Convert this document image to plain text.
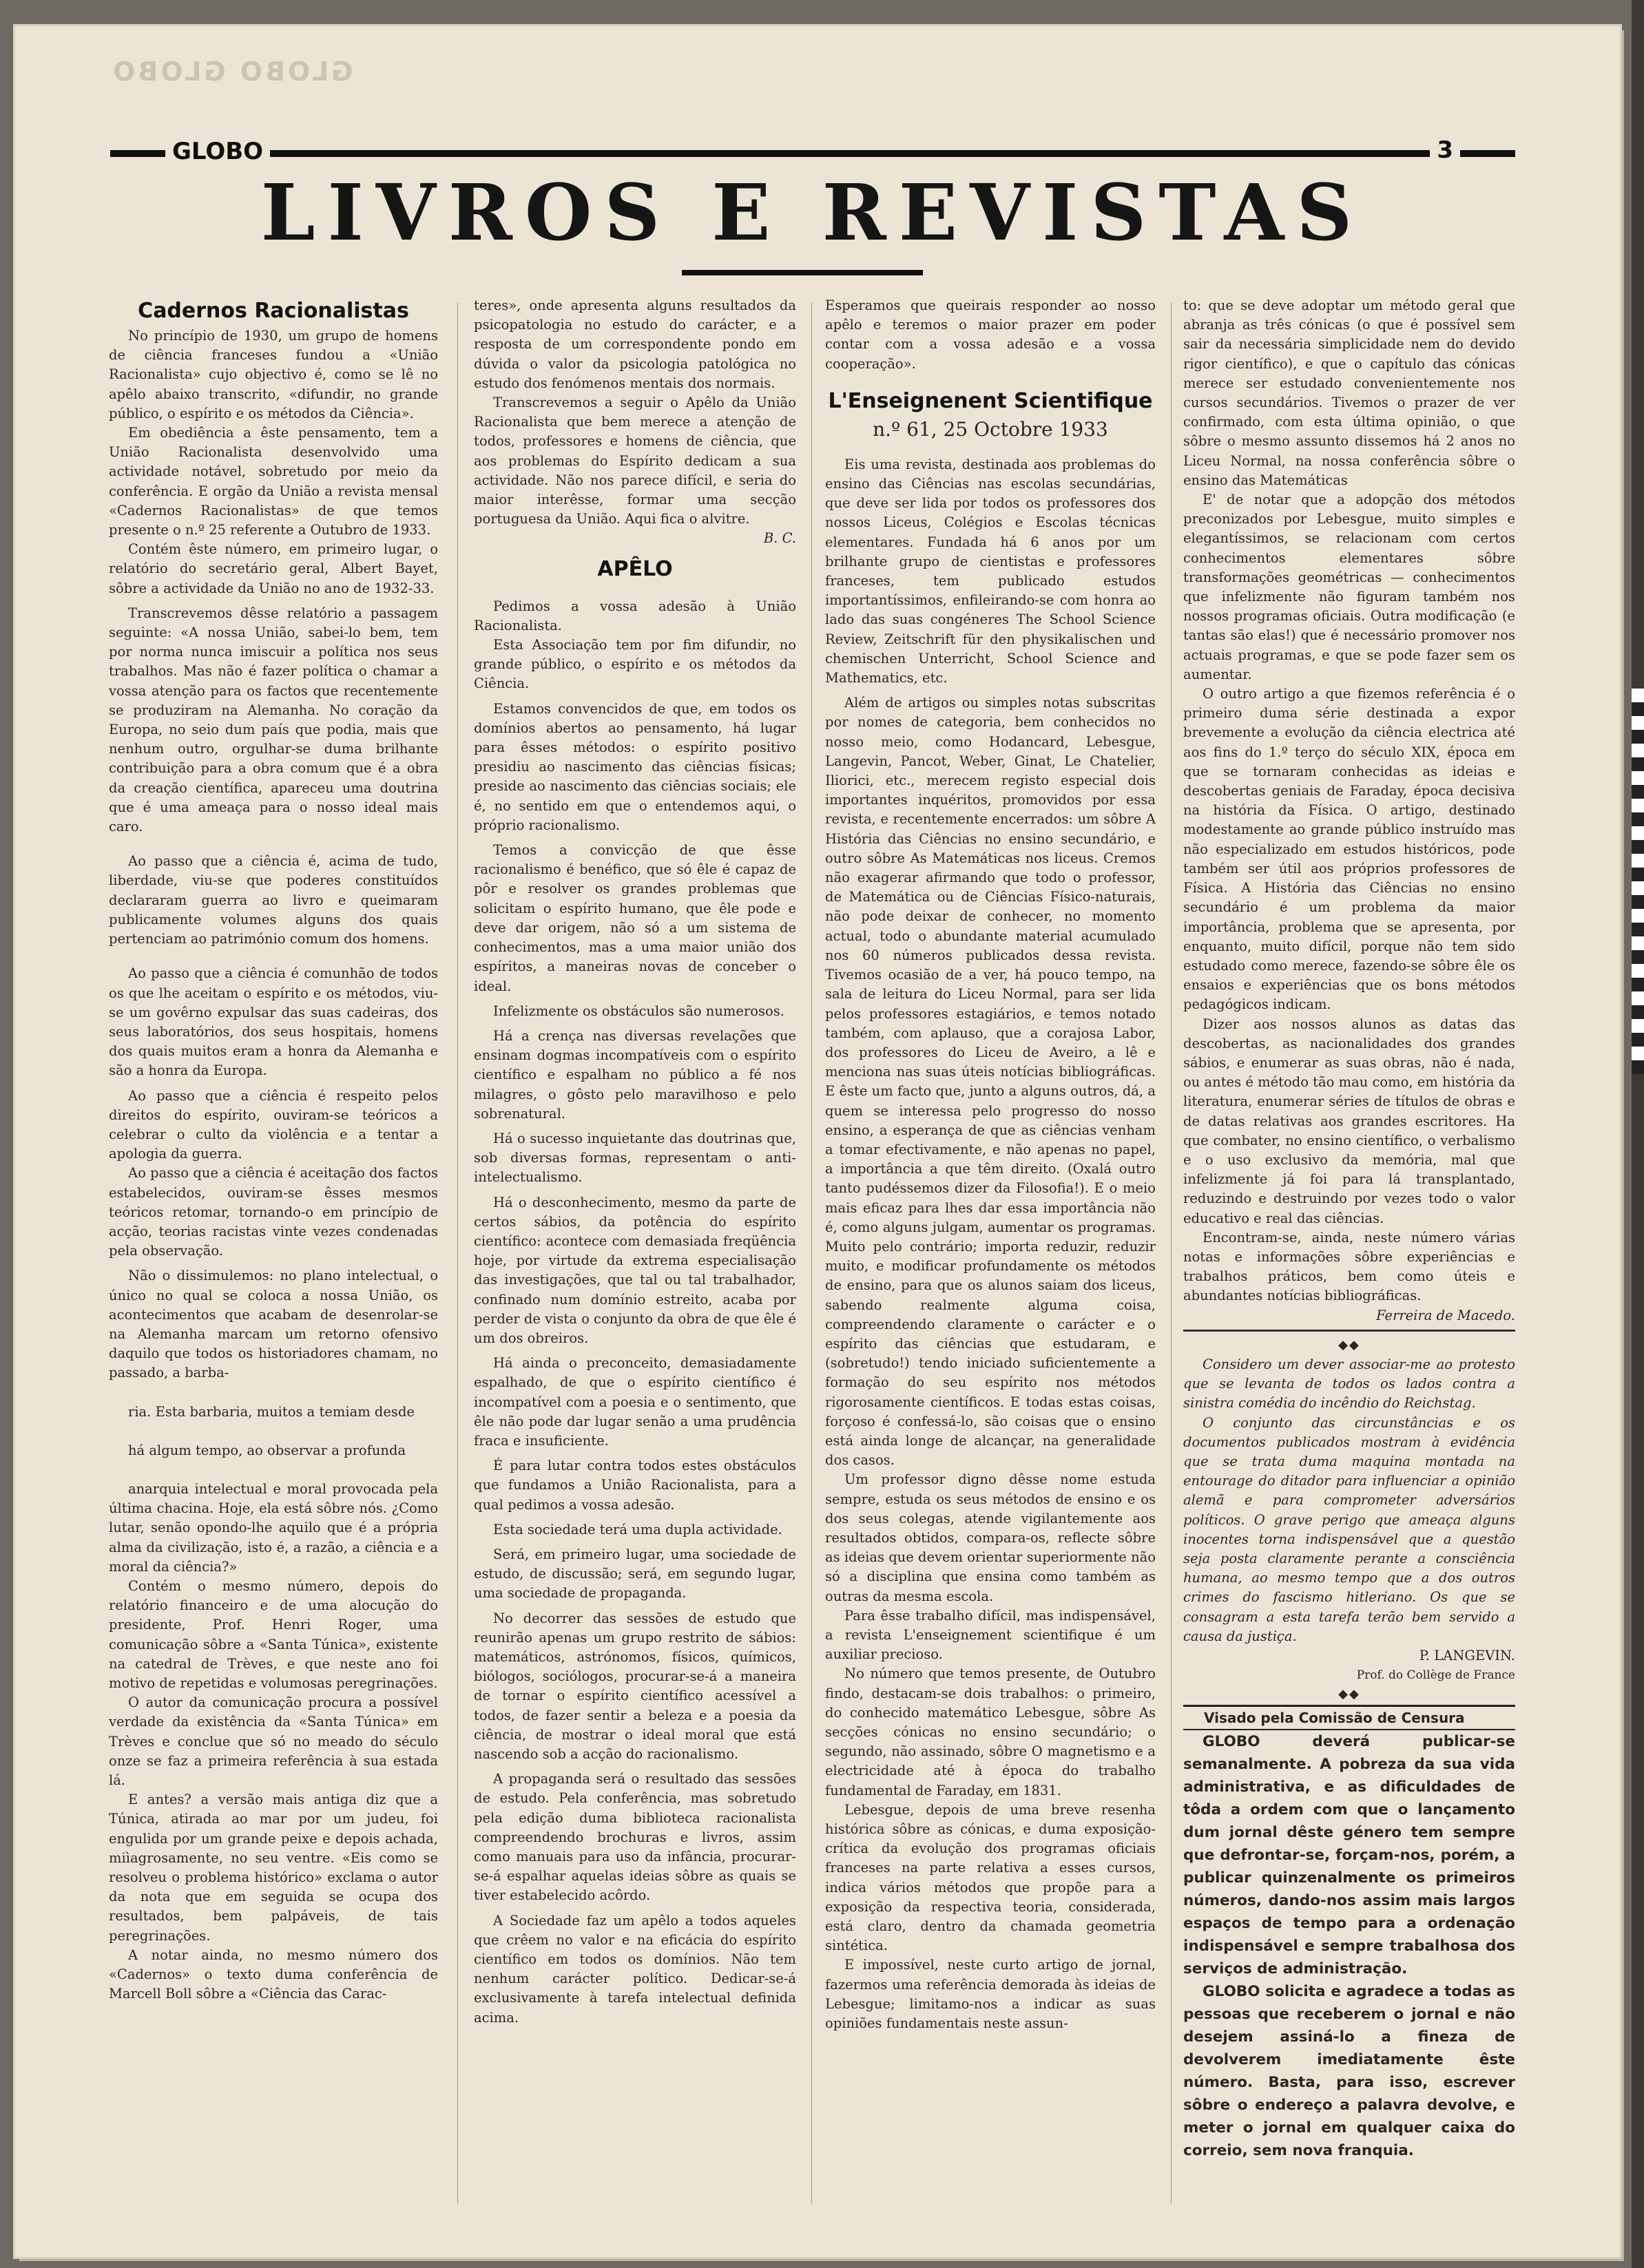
GLOBO GLOBO
GLOBO	3
LIVROS E REVISTAS

Cadernos Racionalistas

No princípio de 1930, um grupo de homens de ciência franceses fundou a «União Racionalista» cujo objectivo é, como se lê no apêlo abaixo transcrito, «difundir, no grande público, o espírito e os métodos da Ciência».

Em obediência a êste pensamento, tem a União Racionalista desenvolvido uma actividade notável, sobretudo por meio da conferência. E orgão da União a revista mensal «Cadernos Racionalistas» de que temos presente o n.º 25 referente a Outubro de 1933.

Contém êste número, em primeiro lugar, o relatório do secretário geral, Albert Bayet, sôbre a actividade da União no ano de 1932-33.

Transcrevemos dêsse relatório a passagem seguinte: «A nossa União, sabei-lo bem, tem por norma nunca imiscuir a política nos seus trabalhos. Mas não é fazer política o chamar a vossa atenção para os factos que recentemente se produziram na Alemanha. No coração da Europa, no seio dum país que podia, mais que nenhum outro, orgulhar-se duma brilhante contribuição para a obra comum que é a obra da creação científica, apareceu uma doutrina que é uma ameaça para o nosso ideal mais caro.

Ao passo que a ciência é, acima de tudo, liberdade, viu-se que poderes constituídos declararam guerra ao livro e queimaram publicamente volumes alguns dos quais pertenciam ao património comum dos homens.

Ao passo que a ciência é comunhão de todos os que lhe aceitam o espírito e os métodos, viu-se um govêrno expulsar das suas cadeiras, dos seus laboratórios, dos seus hospitais, homens dos quais muitos eram a honra da Alemanha e são a honra da Europa.

Ao passo que a ciência é respeito pelos direitos do espírito, ouviram-se teóricos a celebrar o culto da violência e a tentar a apologia da guerra.

Ao passo que a ciência é aceitação dos factos estabelecidos, ouviram-se êsses mesmos teóricos retomar, tornando-o em princípio de acção, teorias racistas vinte vezes condenadas pela observação.

Não o dissimulemos: no plano intelectual, o único no qual se coloca a nossa União, os acontecimentos que acabam de desenrolar-se na Alemanha marcam um retorno ofensivo daquilo que todos os historiadores chamam, no passado, a barba-

ria. Esta barbaria, muitos a temiam desde

há algum tempo, ao observar a profunda

anarquia intelectual e moral provocada pela última chacina. Hoje, ela está sôbre nós. ¿Como lutar, senão opondo-lhe aquilo que é a própria alma da civilização, isto é, a razão, a ciência e a moral da ciência?»

Contém o mesmo número, depois do relatório financeiro e de uma alocução do presidente, Prof. Henri Roger, uma comunicação sôbre a «Santa Túnica», existente na catedral de Trèves, e que neste ano foi motivo de repetidas e volumosas peregrinações.

O autor da comunicação procura a possível verdade da existência da «Santa Túnica» em Trèves e conclue que só no meado do século onze se faz a primeira referência à sua estada lá.

E antes? a versão mais antiga diz que a Túnica, atirada ao mar por um judeu, foi engulida por um grande peixe e depois achada, miìagrosamente, no seu ventre. «Eis como se resolveu o problema histórico» exclama o autor da nota que em seguida se ocupa dos resultados, bem palpáveis, de tais peregrinações.

A notar ainda, no mesmo número dos «Cadernos» o texto duma conferência de Marcell Boll sôbre a «Ciência das Carac-

teres», onde apresenta alguns resultados da psicopatologia no estudo do carácter, e a resposta de um correspondente pondo em dúvida o valor da psicologia patológica no estudo dos fenómenos mentais dos normais.

Transcrevemos a seguir o Apêlo da União Racionalista que bem merece a atenção de todos, professores e homens de ciência, que aos problemas do Espírito dedicam a sua actividade. Não nos parece difícil, e seria do maior interêsse, formar uma secção portuguesa da União. Aqui fica o alvitre.

B. C.

APÊLO

Pedimos a vossa adesão à União Racionalista.

Esta Associação tem por fim difundir, no grande público, o espírito e os métodos da Ciência.

Estamos convencidos de que, em todos os domínios abertos ao pensamento, há lugar para êsses métodos: o espírito positivo presidiu ao nascimento das ciências físicas; preside ao nascimento das ciências sociais; ele é, no sentido em que o entendemos aqui, o próprio racionalismo.

Temos a convicção de que êsse racionalismo é benéfico, que só êle é capaz de pôr e resolver os grandes problemas que solicitam o espírito humano, que êle pode e deve dar origem, não só a um sistema de conhecimentos, mas a uma maior união dos espíritos, a maneiras novas de conceber o ideal.

Infelizmente os obstáculos são numerosos.

Há a crença nas diversas revelações que ensinam dogmas incompatíveis com o espírito científico e espalham no público a fé nos milagres, o gôsto pelo maravilhoso e pelo sobrenatural.

Há o sucesso inquietante das doutrinas que, sob diversas formas, representam o anti-intelectualismo.

Há o desconhecimento, mesmo da parte de certos sábios, da potência do espírito científico: acontece com demasiada freqüência hoje, por virtude da extrema especialisação das investigações, que tal ou tal trabalhador, confinado num domínio estreito, acaba por perder de vista o conjunto da obra de que êle é um dos obreiros.

Há ainda o preconceito, demasiadamente espalhado, de que o espírito científico é incompatível com a poesia e o sentimento, que êle não pode dar lugar senão a uma prudência fraca e insuficiente.

É para lutar contra todos estes obstáculos que fundamos a União Racionalista, para a qual pedimos a vossa adesão.

Esta sociedade terá uma dupla actividade.

Será, em primeiro lugar, uma sociedade de estudo, de discussão; será, em segundo lugar, uma sociedade de propaganda.

No decorrer das sessões de estudo que reunirão apenas um grupo restrito de sábios: matemáticos, astrónomos, físicos, químicos, biólogos, sociólogos, procurar-se-á a maneira de tornar o espírito científico acessível a todos, de fazer sentir a beleza e a poesia da ciência, de mostrar o ideal moral que está nascendo sob a acção do racionalismo.

A propaganda será o resultado das sessões de estudo. Pela conferência, mas sobretudo pela edição duma biblioteca racionalista compreendendo brochuras e livros, assim como manuais para uso da infância, procurar-se-á espalhar aquelas ideias sôbre as quais se tiver estabelecido acôrdo.

A Sociedade faz um apêlo a todos aqueles que crêem no valor e na eficácia do espírito científico em todos os domínios. Não tem nenhum carácter político. Dedicar-se-á exclusivamente à tarefa intelectual definida acima.

Esperamos que queirais responder ao nosso apêlo e teremos o maior prazer em poder contar com a vossa adesão e a vossa cooperação».

L'Enseignenent Scientifique

n.º 61, 25 Octobre 1933

Eis uma revista, destinada aos problemas do ensino das Ciências nas escolas secundárias, que deve ser lida por todos os professores dos nossos Liceus, Colégios e Escolas técnicas elementares. Fundada há 6 anos por um brilhante grupo de cientistas e professores franceses, tem publicado estudos importantíssimos, enfileirando-se com honra ao lado das suas congéneres The School Science Review, Zeitschrift für den physikalischen und chemischen Unterricht, School Science and Mathematics, etc.

Além de artigos ou simples notas subscritas por nomes de categoria, bem conhecidos no nosso meio, como Hodancard, Lebesgue, Langevin, Pancot, Weber, Ginat, Le Chatelier, Iliorici, etc., merecem registo especial dois importantes inquéritos, promovidos por essa revista, e recentemente encerrados: um sôbre A História das Ciências no ensino secundário, e outro sôbre As Matemáticas nos liceus. Cremos não exagerar afirmando que todo o professor, de Matemática ou de Ciências Físico-naturais, não pode deixar de conhecer, no momento actual, todo o abundante material acumulado nos 60 números publicados dessa revista. Tivemos ocasião de a ver, há pouco tempo, na sala de leitura do Liceu Normal, para ser lida pelos professores estagiários, e temos notado também, com aplauso, que a corajosa Labor, dos professores do Liceu de Aveiro, a lê e menciona nas suas úteis notícias bibliográficas. E êste um facto que, junto a alguns outros, dá, a quem se interessa pelo progresso do nosso ensino, a esperança de que as ciências venham a tomar efectivamente, e não apenas no papel, a importância a que têm direito. (Oxalá outro tanto pudéssemos dizer da Filosofia!). E o meio mais eficaz para lhes dar essa importância não é, como alguns julgam, aumentar os programas. Muito pelo contrário; importa reduzir, reduzir muito, e modificar profundamente os métodos de ensino, para que os alunos saiam dos liceus, sabendo realmente alguma coisa, compreendendo claramente o carácter e o espírito das ciências que estudaram, e (sobretudo!) tendo iniciado suficientemente a formação do seu espírito nos métodos rigorosamente científicos. E todas estas coisas, forçoso é confessá-lo, são coisas que o ensino está ainda longe de alcançar, na generalidade dos casos.

Um professor digno dêsse nome estuda sempre, estuda os seus métodos de ensino e os dos seus colegas, atende vigilantemente aos resultados obtidos, compara-os, reflecte sôbre as ideias que devem orientar superiormente não só a disciplina que ensina como também as outras da mesma escola.

Para êsse trabalho difícil, mas indispensável, a revista L'enseignement scientifique é um auxiliar precioso.

No número que temos presente, de Outubro findo, destacam-se dois trabalhos: o primeiro, do conhecido matemático Lebesgue, sôbre As secções cónicas no ensino secundário; o segundo, não assinado, sôbre O magnetismo e a electricidade até à época do trabalho fundamental de Faraday, em 1831.

Lebesgue, depois de uma breve resenha histórica sôbre as cónicas, e duma exposição-crítica da evolução dos programas oficiais franceses na parte relativa a esses cursos, indica vários métodos que propõe para a exposição da respectiva teoria, considerada, está claro, dentro da chamada geometria sintética.

E impossível, neste curto artigo de jornal, fazermos uma referência demorada às ideias de Lebesgue; limitamo-nos a indicar as suas opiniões fundamentais neste assun-

to: que se deve adoptar um método geral que abranja as três cónicas (o que é possível sem sair da necessária simplicidade nem do devido rigor científico), e que o capítulo das cónicas merece ser estudado convenientemente nos cursos secundários. Tivemos o prazer de ver confirmado, com esta última opinião, o que sôbre o mesmo assunto dissemos há 2 anos no Liceu Normal, na nossa conferência sôbre o ensino das Matemáticas

E' de notar que a adopção dos métodos preconizados por Lebesgue, muito simples e elegantíssimos, se relacionam com certos conhecimentos elementares sôbre transformações geométricas — conhecimentos que infelizmente não figuram também nos nossos programas oficiais. Outra modificação (e tantas são elas!) que é necessário promover nos actuais programas, e que se pode fazer sem os aumentar.

O outro artigo a que fizemos referência é o primeiro duma série destinada a expor brevemente a evolução da ciência electrica até aos fins do 1.º terço do século XIX, época em que se tornaram conhecidas as ideias e descobertas geniais de Faraday, época decisiva na história da Física. O artigo, destinado modestamente ao grande público instruído mas não especializado em estudos históricos, pode também ser útil aos próprios professores de Física. A História das Ciências no ensino secundário é um problema da maior importância, problema que se apresenta, por enquanto, muito difícil, porque não tem sido estudado como merece, fazendo-se sôbre êle os ensaios e experiências que os bons métodos pedagógicos indicam.

Dizer aos nossos alunos as datas das descobertas, as nacionalidades dos grandes sábios, e enumerar as suas obras, não é nada, ou antes é método tão mau como, em história da literatura, enumerar séries de títulos de obras e de datas relativas aos grandes escritores. Ha que combater, no ensino científico, o verbalismo e o uso exclusivo da memória, mal que infelizmente já foi para lá transplantado, reduzindo e destruindo por vezes todo o valor educativo e real das ciências.

Encontram-se, ainda, neste número várias notas e informações sôbre experiências e trabalhos práticos, bem como úteis e abundantes notícias bibliográficas.

Ferreira de Macedo.

◆◆

Considero um dever associar-me ao protesto que se levanta de todos os lados contra a sinistra comédia do incêndio do Reichstag.

O conjunto das circunstâncias e os documentos publicados mostram à evidência que se trata duma maquina montada na entourage do ditador para influenciar a opinião alemã e para comprometer adversários políticos. O grave perigo que ameaça alguns inocentes torna indispensável que a questão seja posta claramente perante a consciência humana, ao mesmo tempo que a dos outros crimes do fascismo hitleriano. Os que se consagram a esta tarefa terão bem servido a causa da justiça.

P. LANGEVIN.

Prof. do Collège de France

◆◆

Visado pela Comissão de Censura

GLOBO deverá publicar-se semanalmente. A pobreza da sua vida administrativa, e as dificuldades de tôda a ordem com que o lançamento dum jornal dêste género tem sempre que defrontar-se, forçam-nos, porém, a publicar quinzenalmente os primeiros números, dando-nos assim mais largos espaços de tempo para a ordenação indispensável e sempre trabalhosa dos serviços de administração.

GLOBO solicita e agradece a todas as pessoas que receberem o jornal e não desejem assiná-lo a fineza de devolverem imediatamente êste número. Basta, para isso, escrever sôbre o endereço a palavra devolve, e meter o jornal em qualquer caixa do correio, sem nova franquia.
